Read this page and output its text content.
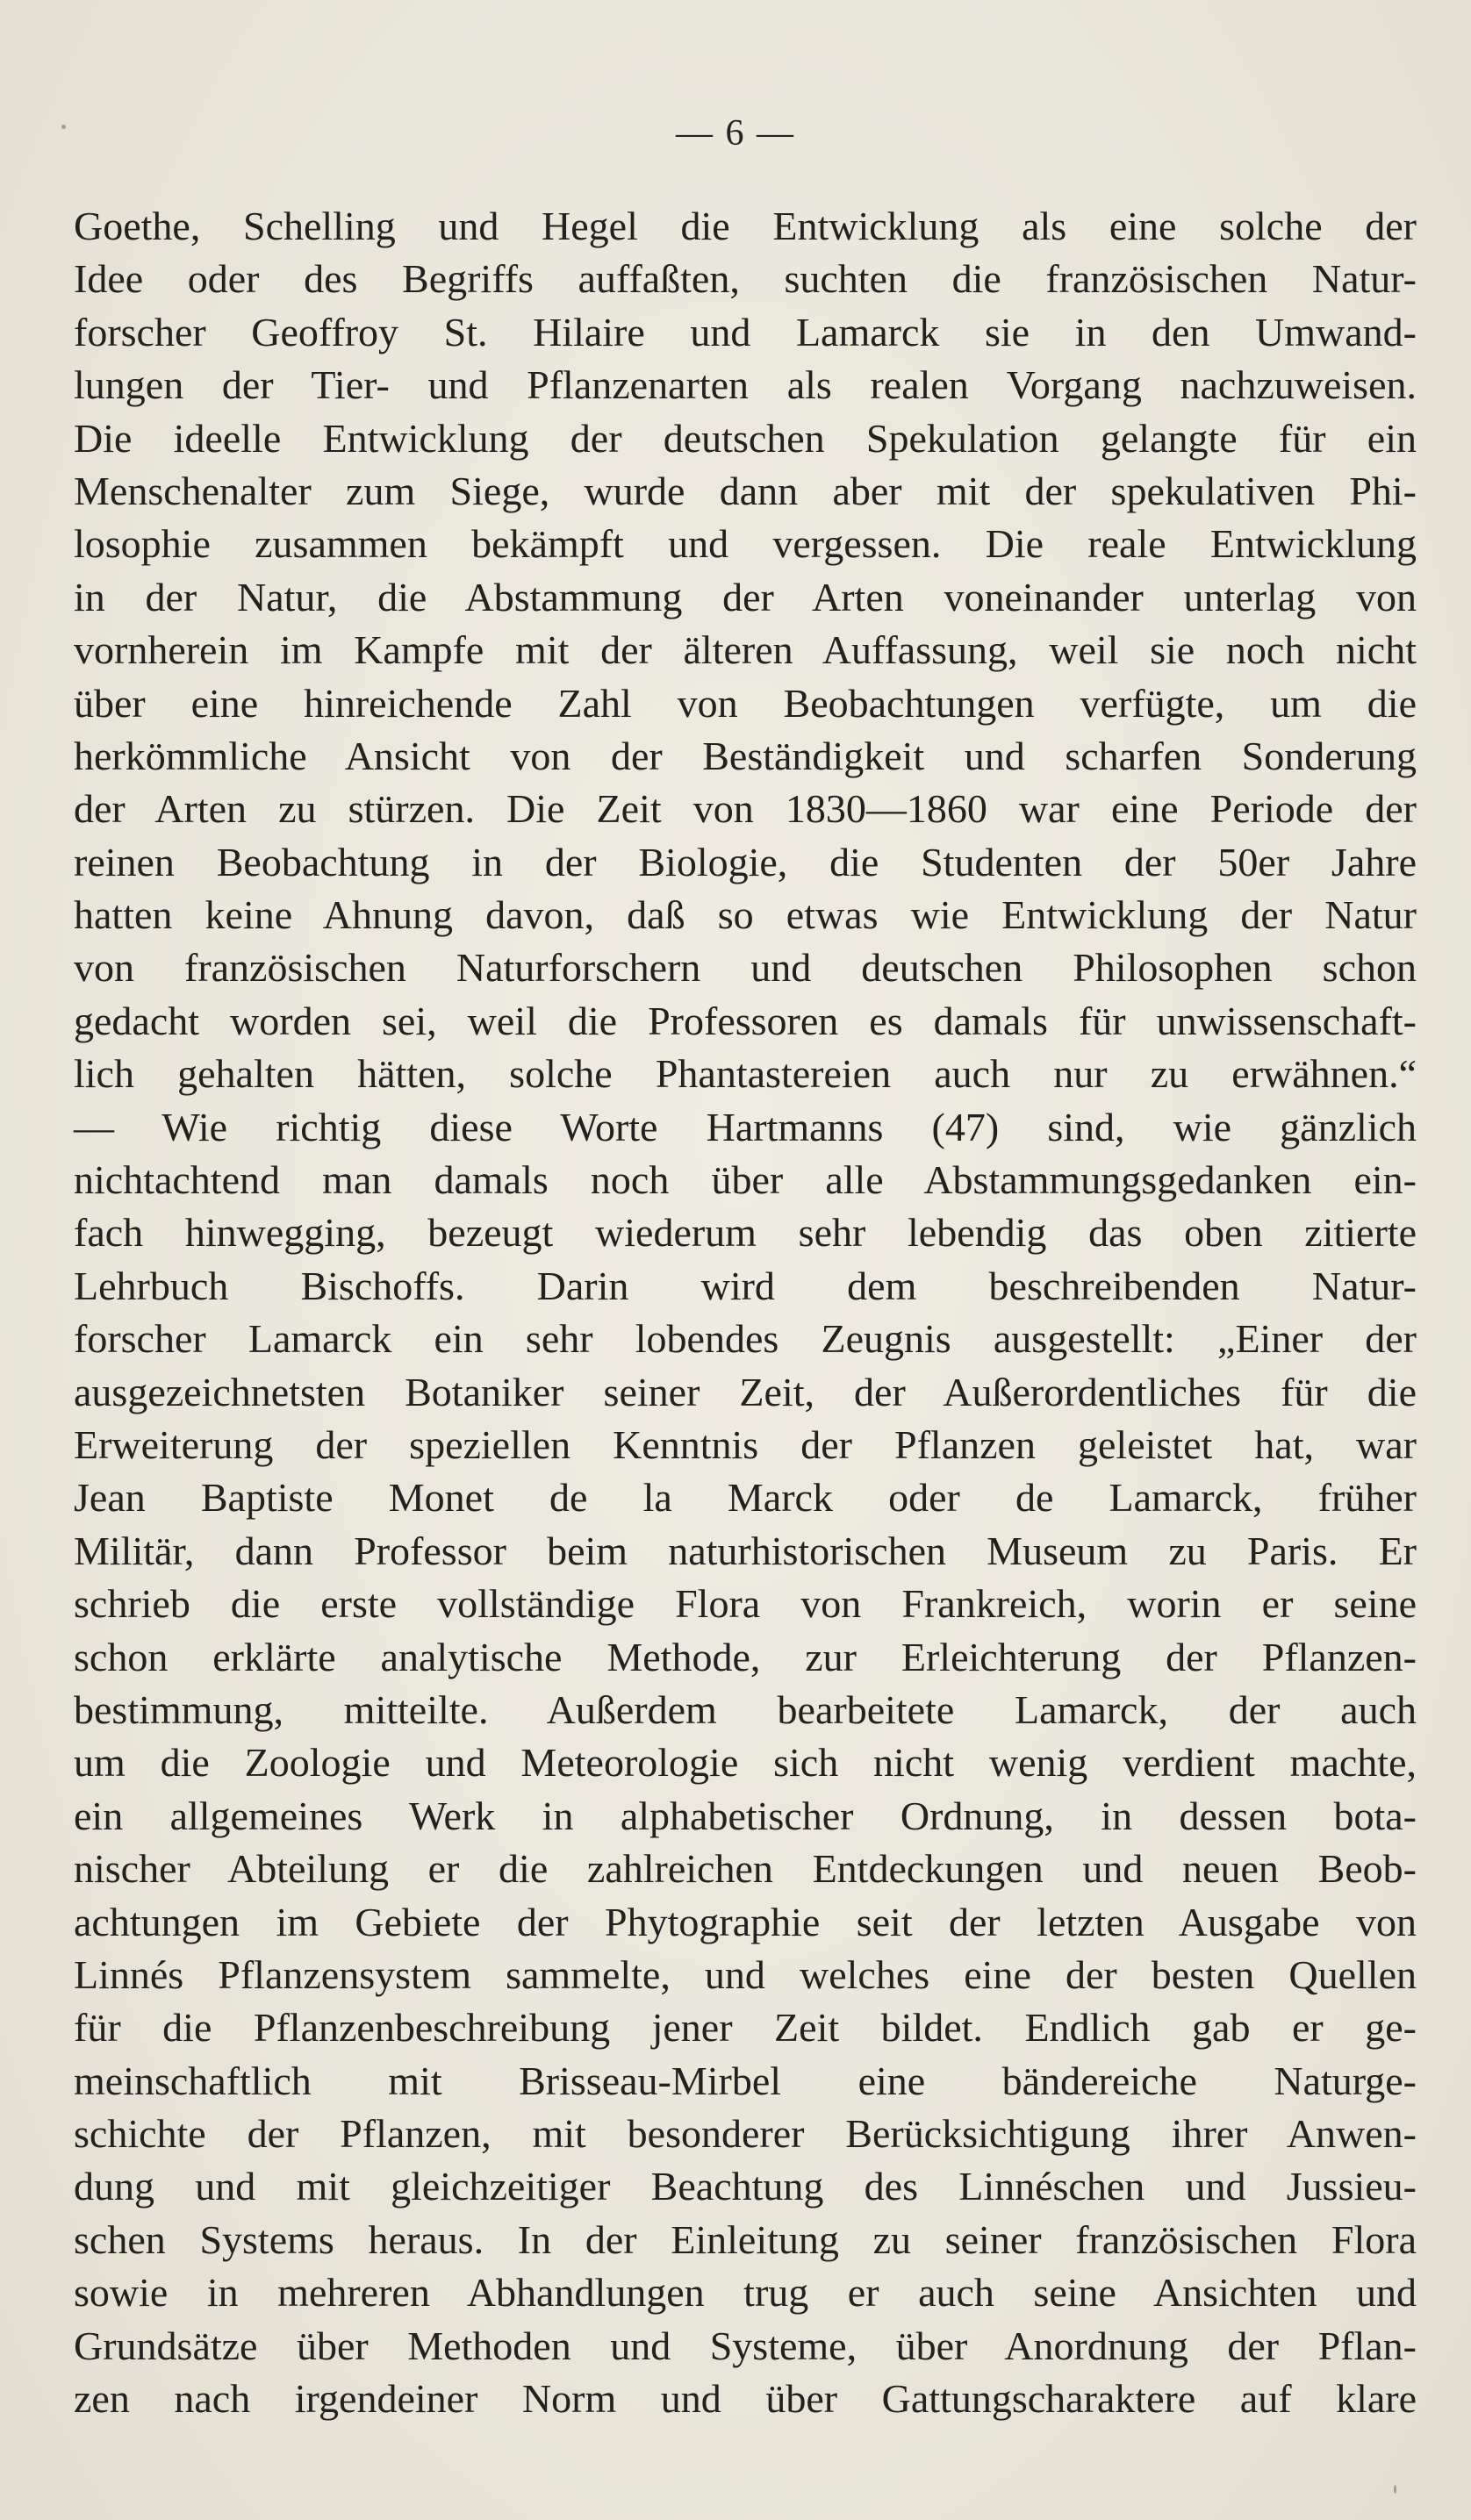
— 6 —
Goethe, Schelling und Hegel die Entwicklung als eine solche der
Idee oder des Begriffs auffaßten, suchten die französischen Natur-
forscher Geoffroy St. Hilaire und Lamarck sie in den Umwand-
lungen der Tier- und Pflanzenarten als realen Vorgang nachzuweisen.
Die ideelle Entwicklung der deutschen Spekulation gelangte für ein
Menschenalter zum Siege, wurde dann aber mit der spekulativen Phi-
losophie zusammen bekämpft und vergessen. Die reale Entwicklung
in der Natur, die Abstammung der Arten voneinander unterlag von
vornherein im Kampfe mit der älteren Auffassung, weil sie noch nicht
über eine hinreichende Zahl von Beobachtungen verfügte, um die
herkömmliche Ansicht von der Beständigkeit und scharfen Sonderung
der Arten zu stürzen. Die Zeit von 1830—1860 war eine Periode der
reinen Beobachtung in der Biologie, die Studenten der 50er Jahre
hatten keine Ahnung davon, daß so etwas wie Entwicklung der Natur
von französischen Naturforschern und deutschen Philosophen schon
gedacht worden sei, weil die Professoren es damals für unwissenschaft-
lich gehalten hätten, solche Phantastereien auch nur zu erwähnen.“
— Wie richtig diese Worte Hartmanns (47) sind, wie gänzlich
nichtachtend man damals noch über alle Abstammungsgedanken ein-
fach hinwegging, bezeugt wiederum sehr lebendig das oben zitierte
Lehrbuch Bischoffs. Darin wird dem beschreibenden Natur-
forscher Lamarck ein sehr lobendes Zeugnis ausgestellt: „Einer der
ausgezeichnetsten Botaniker seiner Zeit, der Außerordentliches für die
Erweiterung der speziellen Kenntnis der Pflanzen geleistet hat, war
Jean Baptiste Monet de la Marck oder de Lamarck, früher
Militär, dann Professor beim naturhistorischen Museum zu Paris. Er
schrieb die erste vollständige Flora von Frankreich, worin er seine
schon erklärte analytische Methode, zur Erleichterung der Pflanzen-
bestimmung, mitteilte. Außerdem bearbeitete Lamarck, der auch
um die Zoologie und Meteorologie sich nicht wenig verdient machte,
ein allgemeines Werk in alphabetischer Ordnung, in dessen bota-
nischer Abteilung er die zahlreichen Entdeckungen und neuen Beob-
achtungen im Gebiete der Phytographie seit der letzten Ausgabe von
Linnés Pflanzensystem sammelte, und welches eine der besten Quellen
für die Pflanzenbeschreibung jener Zeit bildet. Endlich gab er ge-
meinschaftlich mit Brisseau-Mirbel eine bändereiche Naturge-
schichte der Pflanzen, mit besonderer Berücksichtigung ihrer Anwen-
dung und mit gleichzeitiger Beachtung des Linnéschen und Jussieu-
schen Systems heraus. In der Einleitung zu seiner französischen Flora
sowie in mehreren Abhandlungen trug er auch seine Ansichten und
Grundsätze über Methoden und Systeme, über Anordnung der Pflan-
zen nach irgendeiner Norm und über Gattungscharaktere auf klare
